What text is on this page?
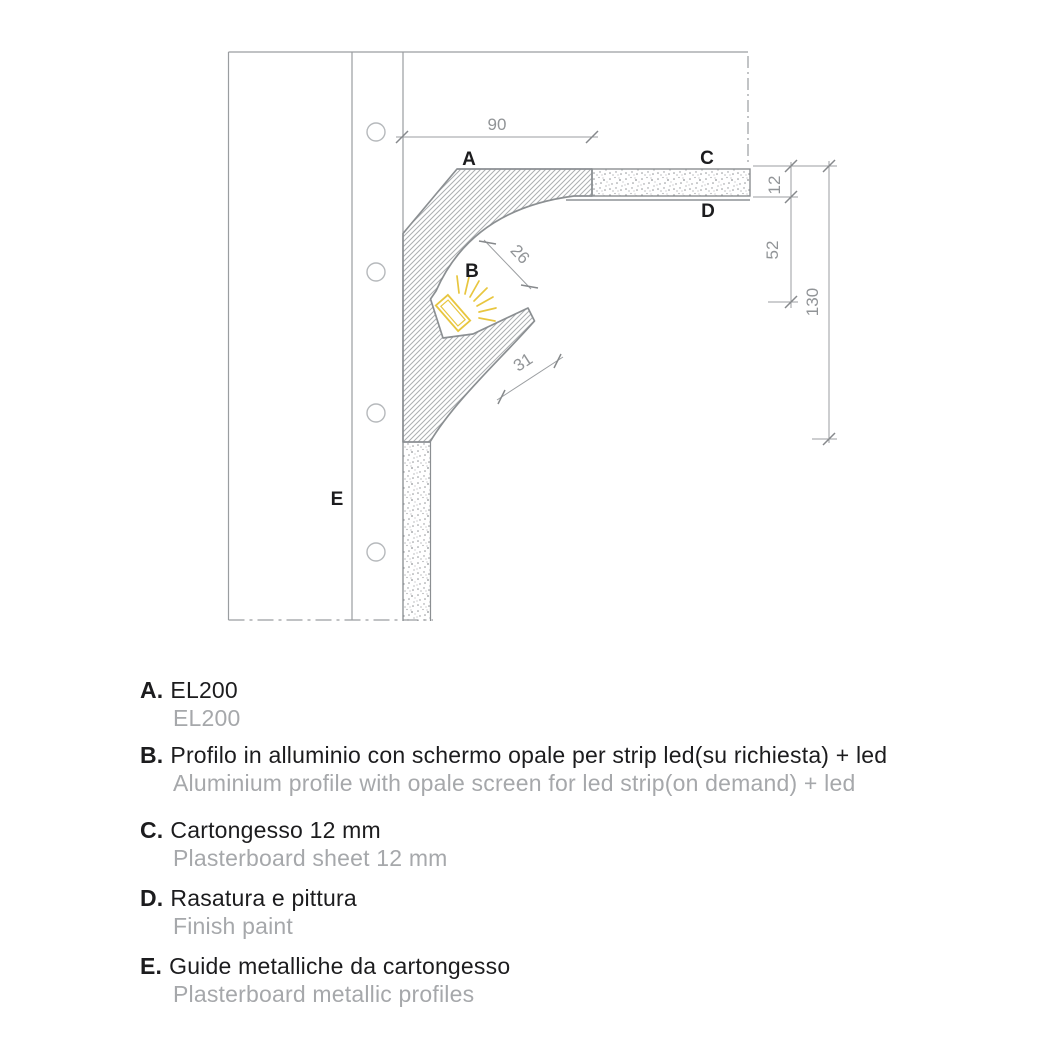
90
12
52
130
26
31
A
B
C
D
E
A. EL200
EL200
B. Profilo in alluminio con schermo opale per strip led(su richiesta) + led
Aluminium profile with opale screen for led strip(on demand) + led
C. Cartongesso 12 mm
Plasterboard sheet 12 mm
D. Rasatura e pittura
Finish paint
E. Guide metalliche da cartongesso
Plasterboard metallic profiles
